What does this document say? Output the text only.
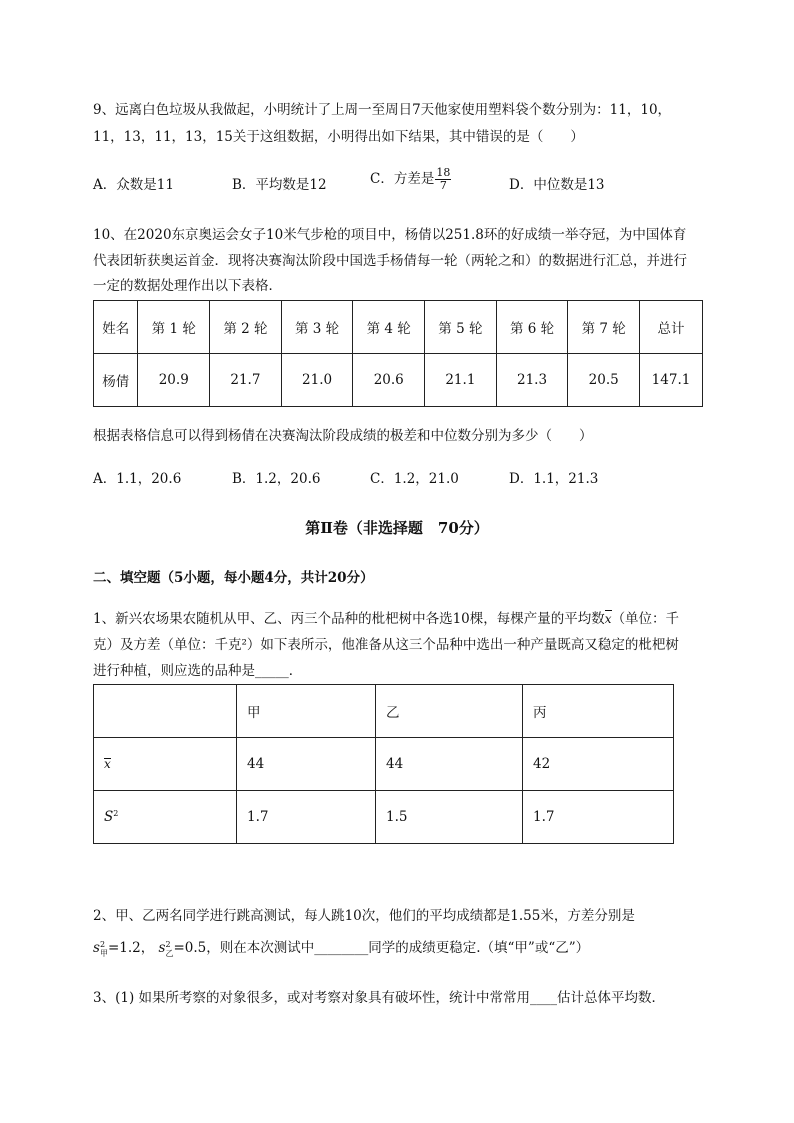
9、远离白色垃圾从我做起，小明统计了上周一至周日7天他家使用塑料袋个数分别为：11，10，
11，13，11，13，15关于这组数据，小明得出如下结果，其中错误的是（　　）
A．众数是11	B．平均数是12	C．方差是 $\frac{18}{7}$	D．中位数是13
10、在2020东京奥运会女子10米气步枪的项目中，杨倩以251.8环的好成绩一举夺冠，为中国体育
代表团斩获奥运首金．现将决赛淘汰阶段中国选手杨倩每一轮（两轮之和）的数据进行汇总，并进行
一定的数据处理作出以下表格．
姓名	第 1 轮	第 2 轮	第 3 轮	第 4 轮	第 5 轮	第 6 轮	第 7 轮	总计
杨倩	20.9	21.7	21.0	20.6	21.1	21.3	20.5	147.1
根据表格信息可以得到杨倩在决赛淘汰阶段成绩的极差和中位数分别为多少（　　）
A．1.1，20.6	B．1.2，20.6	C．1.2，21.0	D．1.1，21.3
第Ⅱ卷（非选择题　70分）
二、填空题（5小题，每小题4分，共计20分）
1、新兴农场果农随机从甲、乙、丙三个品种的枇杷树中各选10棵，每棵产量的平均数x（单位：千
克）及方差（单位：千克²）如下表所示，他准备从这三个品种中选出一种产量既高又稳定的枇杷树
进行种植，则应选的品种是_____．
	甲	乙	丙
x	44	44	42
$S^2$	1.7	1.5	1.7
2、甲、乙两名同学进行跳高测试，每人跳10次，他们的平均成绩都是1.55米，方差分别是
s 2
甲 =1.2， s 2
乙 =0.5，则在本次测试中________同学的成绩更稳定.（填“甲”或“乙”）
3、(1) 如果所考察的对象很多，或对考察对象具有破坏性，统计中常常用____估计总体平均数．
